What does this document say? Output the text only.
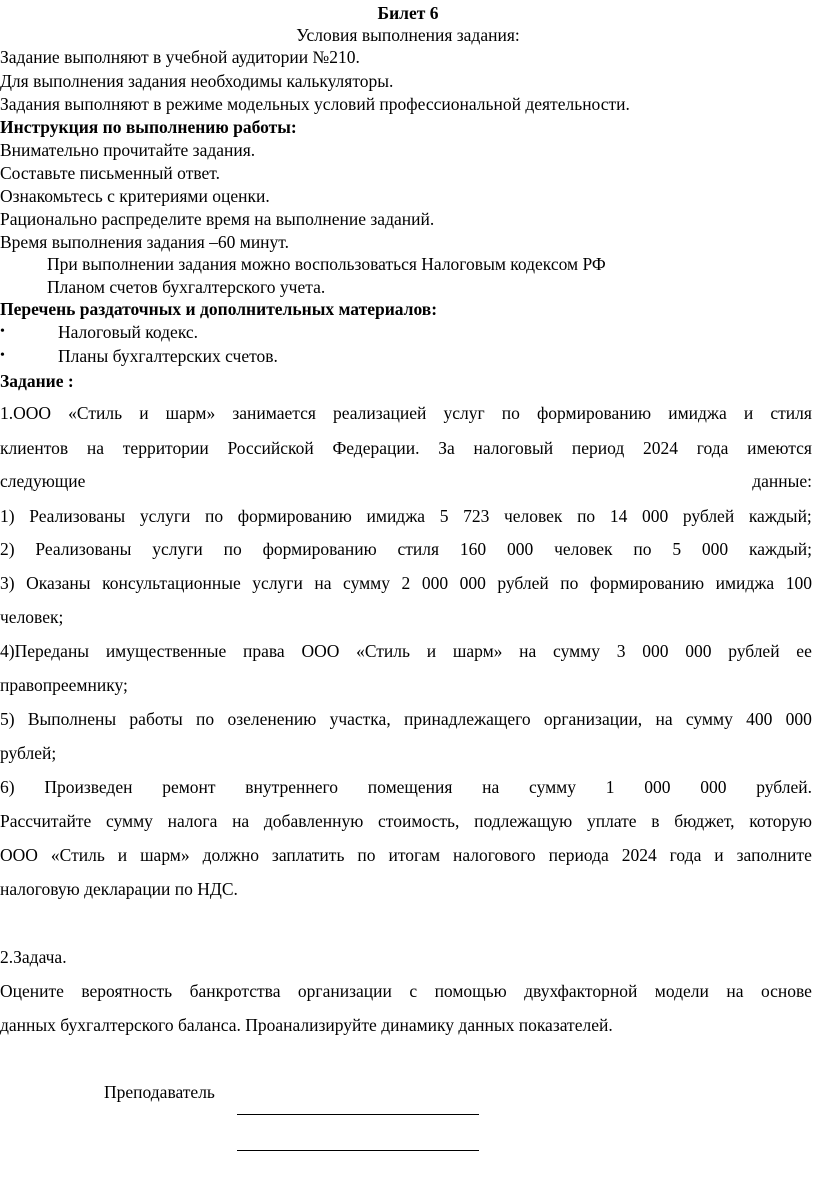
Билет 6
Условия выполнения задания:
Задание выполняют в учебной аудитории №210.
Для выполнения задания необходимы калькуляторы.
Задания выполняют в режиме модельных условий профессиональной деятельности.
Инструкция по выполнению работы:
Внимательно прочитайте задания.
Составьте письменный ответ.
Ознакомьтесь с критериями оценки.
Рационально распределите время на выполнение заданий.
Время выполнения задания –60 минут.
При выполнении задания можно воспользоваться Налоговым кодексом РФ
Планом счетов бухгалтерского учета.
Перечень раздаточных и дополнительных материалов:
•	Налоговый кодекс.
•	Планы бухгалтерских счетов.
Задание :
1.ООО «Стиль и шарм» занимается реализацией услуг по формированию имиджа и стиля
клиентов на территории Российской Федерации. За налоговый период 2024 года имеются
следующие	данные:
1) Реализованы услуги по формированию имиджа 5 723 человек по 14 000 рублей каждый;
2) Реализованы услуги по формированию стиля 160 000 человек по 5 000 каждый;
3) Оказаны консультационные услуги на сумму 2 000 000 рублей по формированию имиджа 100
человек;
4)Переданы имущественные права ООО «Стиль и шарм» на сумму 3 000 000 рублей ее
правопреемнику;
5) Выполнены работы по озеленению участка, принадлежащего организации, на сумму 400 000
рублей;
6) Произведен ремонт внутреннего помещения на сумму 1 000 000 рублей.
Рассчитайте сумму налога на добавленную стоимость, подлежащую уплате в бюджет, которую
ООО «Стиль и шарм» должно заплатить по итогам налогового периода 2024 года и заполните
налоговую декларации по НДС.
2.Задача.
Оцените вероятность банкротства организации с помощью двухфакторной модели на основе
данных бухгалтерского баланса. Проанализируйте динамику данных показателей.
Преподаватель
